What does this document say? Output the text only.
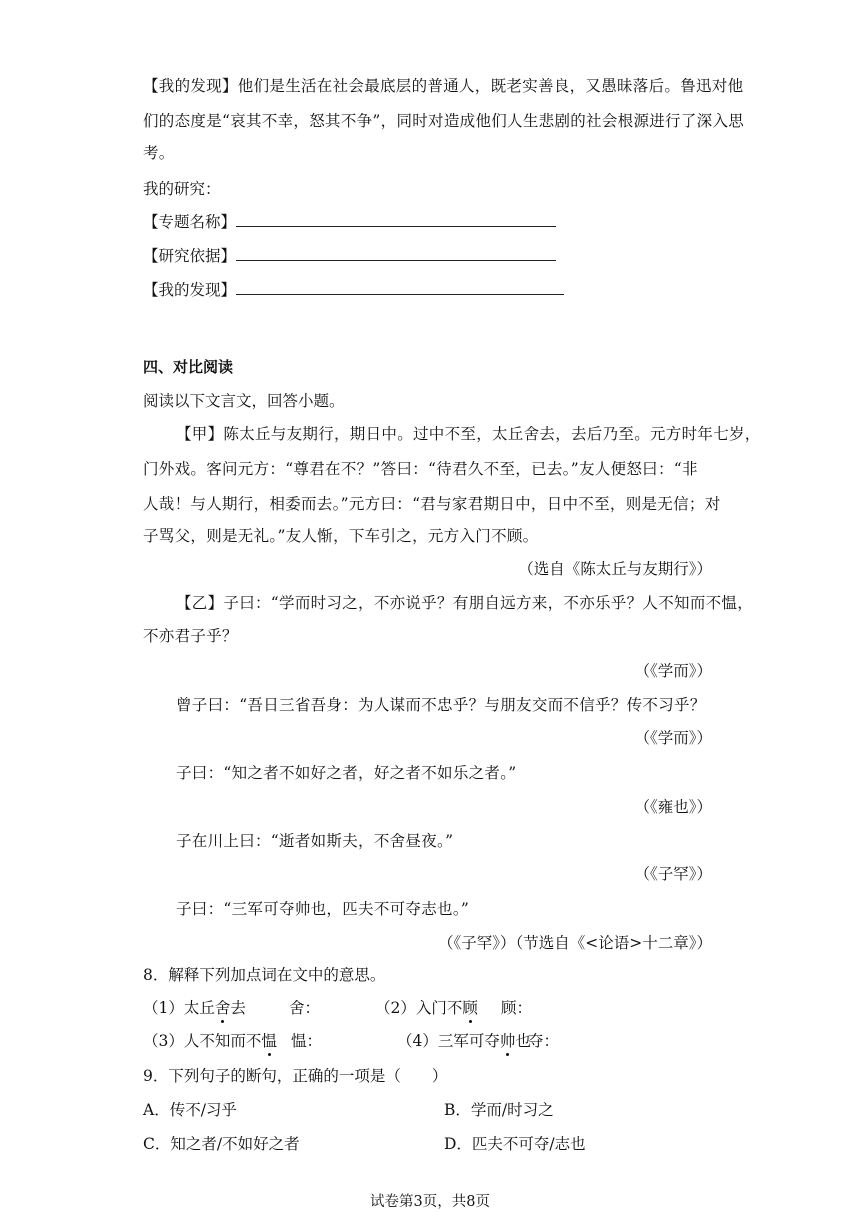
【我的发现】他们是生活在社会最底层的普通人，既老实善良，又愚昧落后。鲁迅对他
们的态度是“哀其不幸，怒其不争”，同时对造成他们人生悲剧的社会根源进行了深入思
考。
我的研究：
【专题名称】
【研究依据】
【我的发现】
四、对比阅读
阅读以下文言文，回答小题。
【甲】陈太丘与友期行，期日中。过中不至，太丘舍去，去后乃至。元方时年七岁，
门外戏。客问元方：“尊君在不？”答曰：“待君久不至，已去。”友人便怒曰：“非
人哉！与人期行，相委而去。”元方曰：“君与家君期日中，日中不至，则是无信；对
子骂父，则是无礼。”友人惭，下车引之，元方入门不顾。
（选自《陈太丘与友期行》）
【乙】子曰：“学而时习之，不亦说乎？有朋自远方来，不亦乐乎？人不知而不愠，
不亦君子乎？
（《学而》）
曾子曰：“吾日三省吾身：为人谋而不忠乎？与朋友交而不信乎？传不习乎？
（《学而》）
子曰：“知之者不如好之者，好之者不如乐之者。”
（《雍也》）
子在川上曰：“逝者如斯夫，不舍昼夜。”
（《子罕》）
子曰：“三军可夺帅也，匹夫不可夺志也。”
（《子罕》）（节选自《<论语>十二章》）
8．解释下列加点词在文中的意思。
（1）太丘舍去	舍：	（2）入门不顾 顾：
（3）人不知而不愠 愠：	（4）三军可夺帅也
夺：
9．下列句子的断句，正确的一项是（　　）
A．传不/习乎	B．学而/时习之
C．知之者/不如好之者	D．匹夫不可夺/志也
试卷第3页，共8页
